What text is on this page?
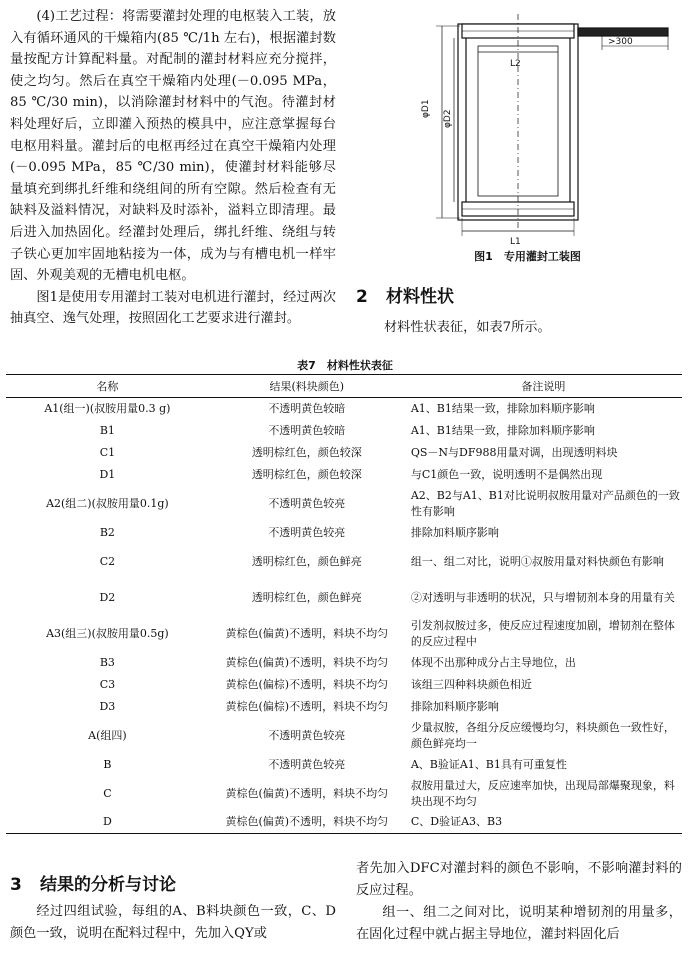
(4)工艺过程：将需要灌封处理的电枢装入工装，放入有循环通风的干燥箱内(85 ℃/1h 左右)，根据灌封数量按配方计算配料量。对配制的灌封材料应充分搅拌，使之均匀。然后在真空干燥箱内处理(－0.095 MPa，85 ℃/30 min)，以消除灌封材料中的气泡。待灌封材料处理好后，立即灌入预热的模具中，应注意掌握每台电枢用料量。灌封后的电枢再经过在真空干燥箱内处理(－0.095 MPa，85 ℃/30 min)，使灌封材料能够尽量填充到绑扎纤维和绕组间的所有空隙。然后检查有无缺料及溢料情况，对缺料及时添补，溢料立即清理。最后进入加热固化。经灌封处理后，绑扎纤维、绕组与转子铁心更加牢固地粘接为一体，成为与有槽电机一样牢固、外观美观的无槽电机电枢。

图1是使用专用灌封工装对电机进行灌封，经过两次抽真空、逸气处理，按照固化工艺要求进行灌封。

>300
L2
L1
φD1
φD2
图1　专用灌封工装图
2 材料性状
材料性状表征，如表7所示。
表7　材料性状表征
名称	结果(料块颜色)	备注说明
A1(组一)(叔胺用量0.3 g)	不透明黄色较暗	A1、B1结果一致，排除加料顺序影响
B1	不透明黄色较暗	A1、B1结果一致，排除加料顺序影响
C1	透明棕红色，颜色较深	QS－N与DF988用量对调，出现透明料块
D1	透明棕红色，颜色较深	与C1颜色一致，说明透明不是偶然出现
A2(组二)(叔胺用量0.1g)	不透明黄色较亮	A2、B2与A1、B1对比说明叔胺用量对产品颜色的一致性有影响
B2	不透明黄色较亮	排除加料顺序影响
C2	透明棕红色，颜色鲜亮	组一、组二对比，说明①叔胺用量对料快颜色有影响
D2	透明棕红色，颜色鲜亮	②对透明与非透明的状况，只与增韧剂本身的用量有关
A3(组三)(叔胺用量0.5g)	黄棕色(偏黄)不透明，料块不均匀	引发剂叔胺过多，使反应过程速度加剧，增韧剂在整体的反应过程中
B3	黄棕色(偏黄)不透明，料块不均匀	体现不出那种成分占主导地位，出
C3	黄棕色(偏棕)不透明，料块不均匀	该组三四种料块颜色相近
D3	黄棕色(偏棕)不透明，料块不均匀	排除加料顺序影响
A(组四)	不透明黄色较亮	少量叔胺，各组分反应缓慢均匀，料块颜色一致性好，颜色鲜亮均一
B	不透明黄色较亮	A、B验证A1、B1具有可重复性
C	黄棕色(偏黄)不透明，料块不均匀	叔胺用量过大，反应速率加快，出现局部爆聚现象，料块出现不均匀
D	黄棕色(偏黄)不透明，料块不均匀	C、D验证A3、B3
3 结果的分析与讨论

经过四组试验，每组的A、B料块颜色一致，C、D颜色一致，说明在配料过程中，先加入QY或

者先加入DFC对灌封料的颜色不影响，不影响灌封料的反应过程。

组一、组二之间对比，说明某种增韧剂的用量多，在固化过程中就占据主导地位，灌封料固化后
